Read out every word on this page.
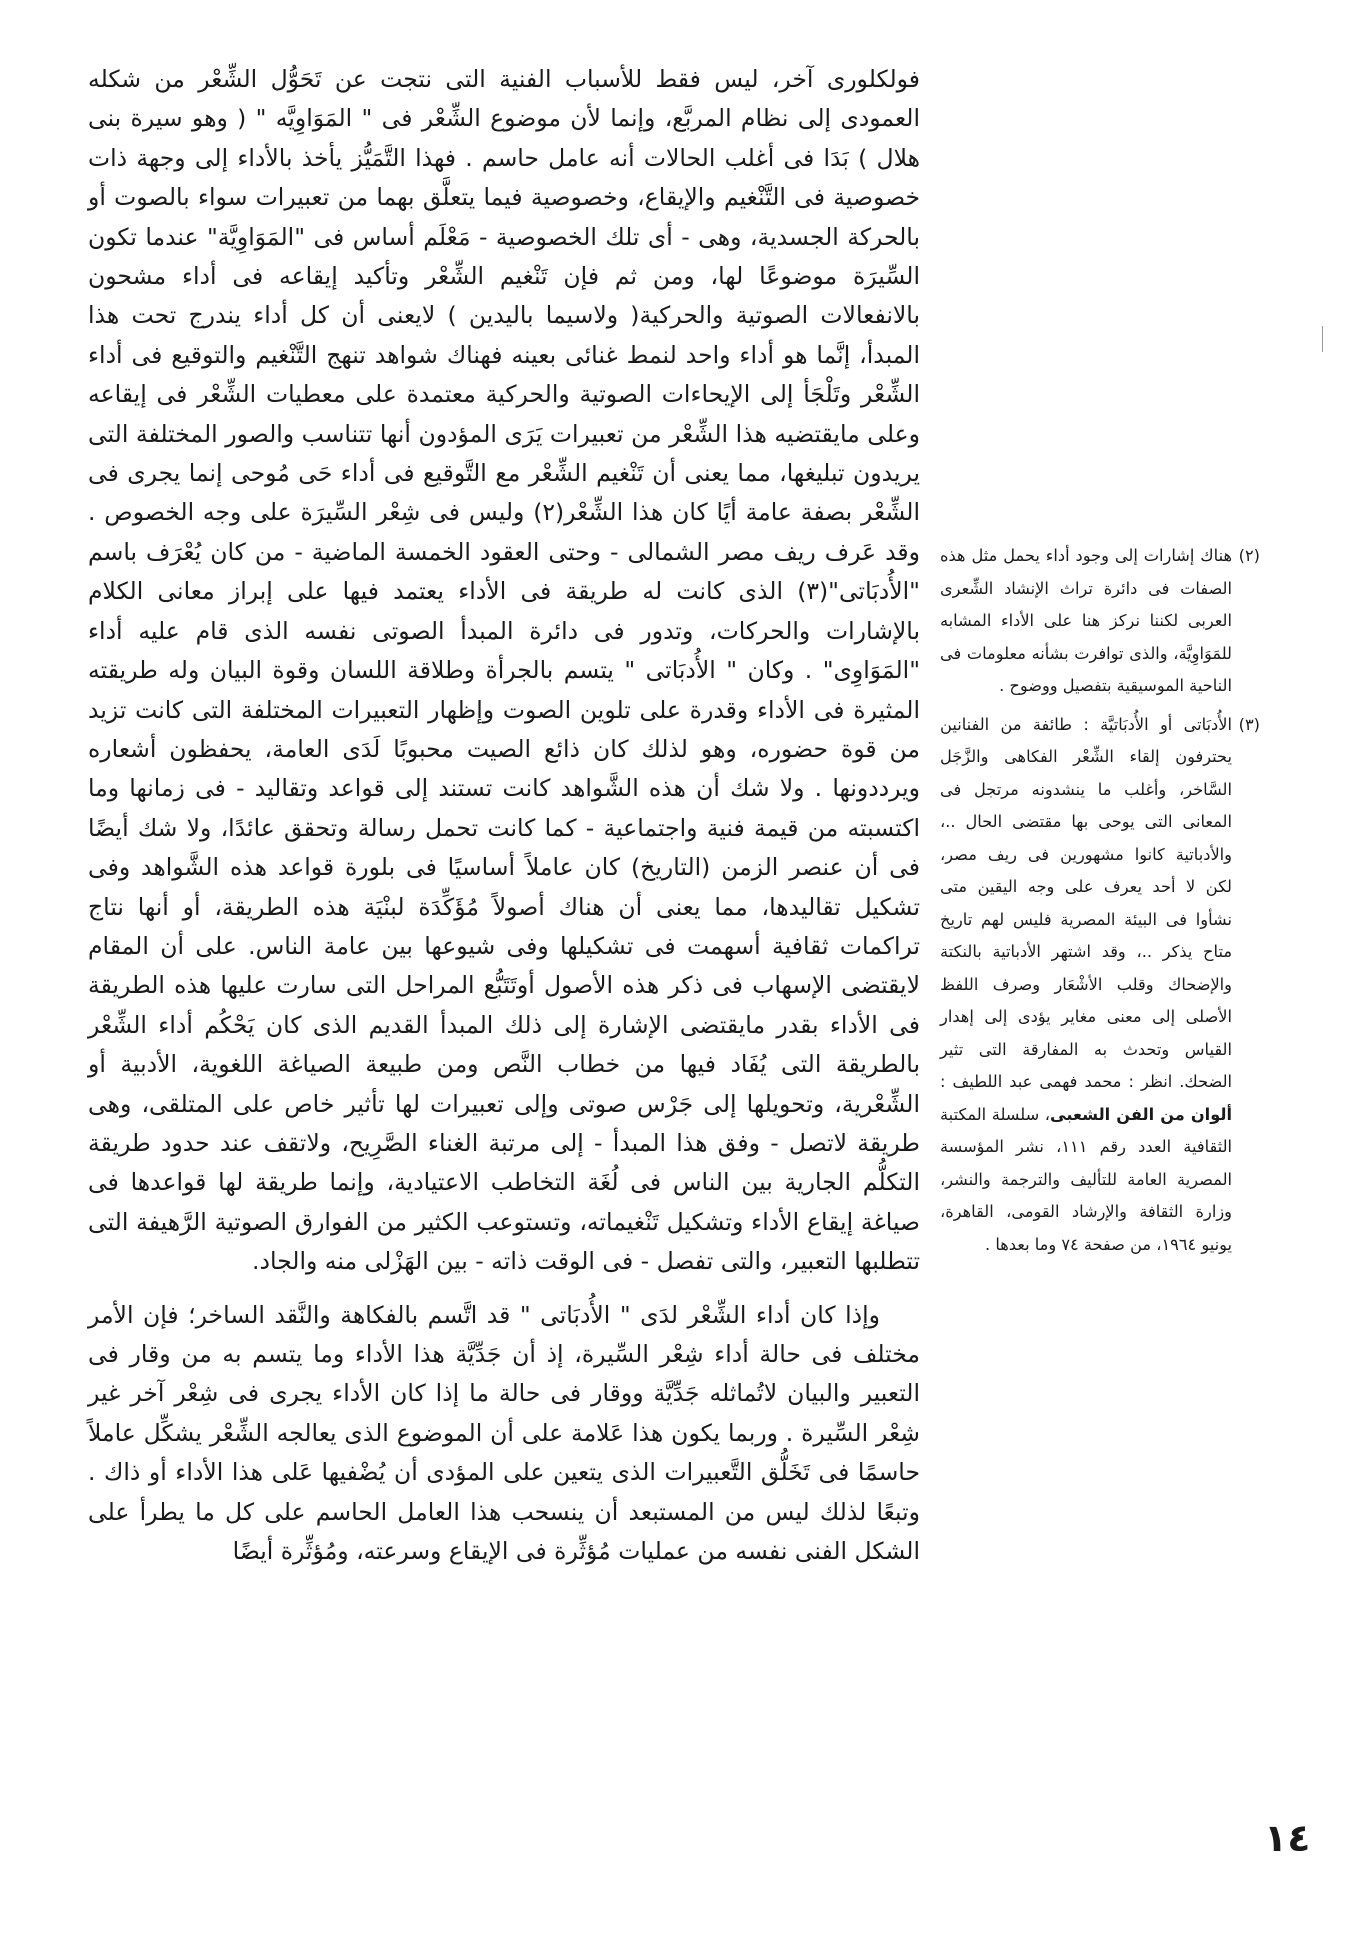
فولكلورى آخر، ليس فقط للأسباب الفنية التى نتجت عن تَحَوُّل الشِّعْر من شكله العمودى إلى نظام المربَّع، وإنما لأن موضوع الشِّعْر فى " المَوَاوِيَّه " ( وهو سيرة بنى هلال ) بَدَا فى أغلب الحالات أنه عامل حاسم . فهذا التَّمَيُّز يأخذ بالأداء إلى وجهة ذات خصوصية فى التَّنْغيم والإيقاع، وخصوصية فيما يتعلَّق بهما من تعبيرات سواء بالصوت أو بالحركة الجسدية، وهى - أى تلك الخصوصية - مَعْلَم أساس فى "المَوَاوِيَّة" عندما تكون السِّيرَة موضوعًا لها، ومن ثم فإن تَنْغيم الشِّعْر وتأكيد إيقاعه فى أداء مشحون بالانفعالات الصوتية والحركية( ولاسيما باليدين ) لايعنى أن كل أداء يندرج تحت هذا المبدأ، إنَّما هو أداء واحد لنمط غنائى بعينه فهناك شواهد تنهج التَّنْغيم والتوقيع فى أداء الشِّعْر وتَلْجَأ إلى الإيحاءات الصوتية والحركية معتمدة على معطيات الشِّعْر فى إيقاعه وعلى مايقتضيه هذا الشِّعْر من تعبيرات يَرَى المؤدون أنها تتناسب والصور المختلفة التى يريدون تبليغها، مما يعنى أن تَنْغيم الشِّعْر مع التَّوقيع فى أداء حَى مُوحى إنما يجرى فى الشِّعْر بصفة عامة أيًا كان هذا الشِّعْر(٢) وليس فى شِعْر السِّيرَة على وجه الخصوص . وقد عَرف ريف مصر الشمالى - وحتى العقود الخمسة الماضية - من كان يُعْرَف باسم "الأُدبَاتى"(٣) الذى كانت له طريقة فى الأداء يعتمد فيها على إبراز معانى الكلام بالإشارات والحركات، وتدور فى دائرة المبدأ الصوتى نفسه الذى قام عليه أداء "المَوَاوِى" . وكان " الأُدبَاتى " يتسم بالجرأة وطلاقة اللسان وقوة البيان وله طريقته المثيرة فى الأداء وقدرة على تلوين الصوت وإظهار التعبيرات المختلفة التى كانت تزيد من قوة حضوره، وهو لذلك كان ذائع الصيت محبوبًا لَدَى العامة، يحفظون أشعاره ويرددونها . ولا شك أن هذه الشَّواهد كانت تستند إلى قواعد وتقاليد - فى زمانها وما اكتسبته من قيمة فنية واجتماعية - كما كانت تحمل رسالة وتحقق عائدًا، ولا شك أيضًا فى أن عنصر الزمن (التاريخ) كان عاملاً أساسيًا فى بلورة قواعد هذه الشَّواهد وفى تشكيل تقاليدها، مما يعنى أن هناك أصولاً مُؤَكِّدَة لبنْيَة هذه الطريقة، أو أنها نتاج تراكمات ثقافية أسهمت فى تشكيلها وفى شيوعها بين عامة الناس. على أن المقام لايقتضى الإسهاب فى ذكر هذه الأصول أوتَتَبُّع المراحل التى سارت عليها هذه الطريقة فى الأداء بقدر مايقتضى الإشارة إلى ذلك المبدأ القديم الذى كان يَحْكُم أداء الشِّعْر بالطريقة التى يُفَاد فيها من خطاب النَّص ومن طبيعة الصياغة اللغوية، الأدبية أو الشِّعْرية، وتحويلها إلى جَرْس صوتى وإلى تعبيرات لها تأثير خاص على المتلقى، وهى طريقة لاتصل - وفق هذا المبدأ - إلى مرتبة الغناء الصَّرِيح، ولاتقف عند حدود طريقة التكلُّم الجارية بين الناس فى لُغَة التخاطب الاعتيادية، وإنما طريقة لها قواعدها فى صياغة إيقاع الأداء وتشكيل تَنْغيماته، وتستوعب الكثير من الفوارق الصوتية الرَّهيفة التى تتطلبها التعبير، والتى تفصل - فى الوقت ذاته - بين الهَزْلى منه والجاد.

وإذا كان أداء الشِّعْر لدَى " الأُدبَاتى " قد اتَّسم بالفكاهة والنَّقد الساخر؛ فإن الأمر مختلف فى حالة أداء شِعْر السِّيرة، إذ أن جَدِّيَّة هذا الأداء وما يتسم به من وقار فى التعبير والبيان لاتُماثله جَدِّيَّة ووقار فى حالة ما إذا كان الأداء يجرى فى شِعْر آخر غير شِعْر السِّيرة . وربما يكون هذا عَلامة على أن الموضوع الذى يعالجه الشِّعْر يشكِّل عاملاً حاسمًا فى تَخَلُّق التَّعبيرات الذى يتعين على المؤدى أن يُضْفيها عَلى هذا الأداء أو ذاك . وتبعًا لذلك ليس من المستبعد أن ينسحب هذا العامل الحاسم على كل ما يطرأ على الشكل الفنى نفسه من عمليات مُؤثِّرة فى الإيقاع وسرعته، ومُؤثِّرة أيضًا

(٢)
هناك إشارات إلى وجود أداء يحمل مثل هذه الصفات فى دائرة تراث الإنشاد الشِّعرى العربى لكننا نركز هنا على الأداء المشابه للمَوَاوِيَّة، والذى توافرت بشأنه معلومات فى الناحية الموسيقية بتفصيل ووضوح .

(٣)
الأُدبَاتى أو الأُدبَاتيَّة : طائفة من الفنانين يحترفون إلقاء الشِّعْر الفكاهى والزَّجَل السَّاخر، وأغلب ما ينشدونه مرتجل فى المعانى التى يوحى بها مقتضى الحال ..، والأدباتية كانوا مشهورين فى ريف مصر، لكن لا أحد يعرف على وجه اليقين متى نشأوا فى البيئة المصرية فليس لهم تاريخ متاح يذكر ..، وقد اشتهر الأدباتية بالنكتة والإضحاك وقلب الأشْعَار وصرف اللفظ الأصلى إلى معنى مغاير يؤدى إلى إهدار القياس وتحدث به المفارقة التى تثير الضحك. انظر : محمد فهمى عبد اللطيف : ألوان من الفن الشعبى، سلسلة المكتبة الثقافية العدد رقم ١١١، نشر المؤسسة المصرية العامة للتأليف والترجمة والنشر، وزارة الثقافة والإرشاد القومى، القاهرة، يونيو ١٩٦٤، من صفحة ٧٤ وما بعدها .

١٤
